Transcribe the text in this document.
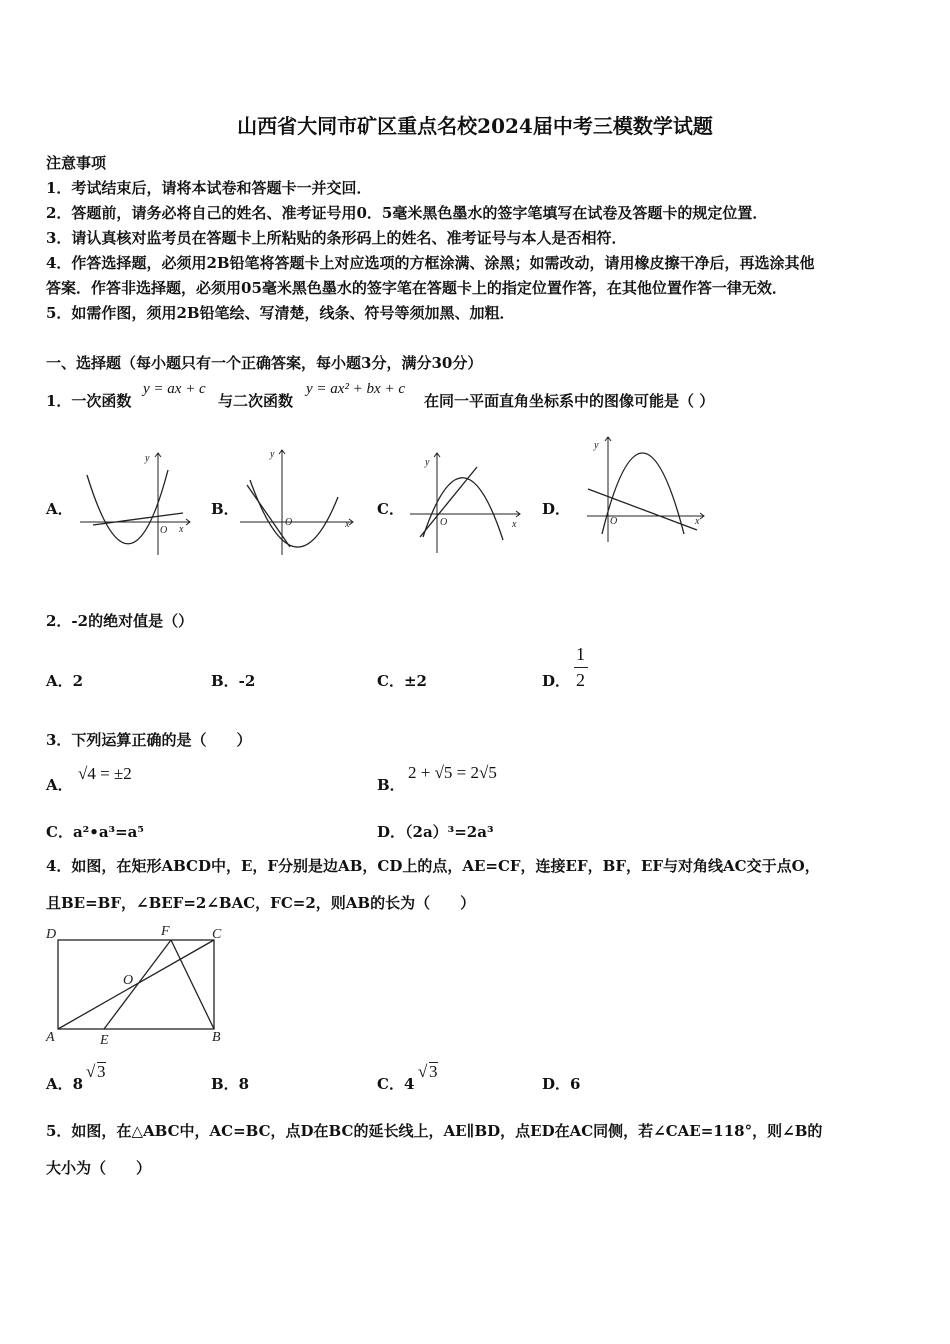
山西省大同市矿区重点名校2024届中考三模数学试题
注意事项
1．考试结束后，请将本试卷和答题卡一并交回．
2．答题前，请务必将自己的姓名、准考证号用0．5毫米黑色墨水的签字笔填写在试卷及答题卡的规定位置．
3．请认真核对监考员在答题卡上所粘贴的条形码上的姓名、准考证号与本人是否相符．
4．作答选择题，必须用2B铅笔将答题卡上对应选项的方框涂满、涂黑；如需改动，请用橡皮擦干净后，再选涂其他
答案．作答非选择题，必须用05毫米黑色墨水的签字笔在答题卡上的指定位置作答，在其他位置作答一律无效．
5．如需作图，须用2B铅笔绘、写清楚，线条、符号等须加黑、加粗．
一、选择题（每小题只有一个正确答案，每小题3分，满分30分）
1．一次函数
y = ax + c
与二次函数
y = ax² + bx + c
在同一平面直角坐标系中的图像可能是（ ）
A．	B．	C．	D．
y
x
O
y
x
O
y
x
O
y
x
O
2．-2的绝对值是（）
A．2	B．-2	C．±2	D．
1
2
3．下列运算正确的是（　　）
A．
√4 = ±2
B．
2 + √5 = 2√5
C．a²•a³=a⁵	D．（2a）³=2a³
4．如图，在矩形ABCD中，E，F分别是边AB，CD上的点，AE=CF，连接EF，BF，EF与对角线AC交于点O，
且BE=BF，∠BEF=2∠BAC，FC=2，则AB的长为（　　）
D	F	C
O
A	E	B
A．8
√ 3
B．8	C．4
√ 3
D．6
5．如图，在△ABC中，AC=BC，点D在BC的延长线上，AE∥BD，点ED在AC同侧，若∠CAE=118°，则∠B的
大小为（　　）
